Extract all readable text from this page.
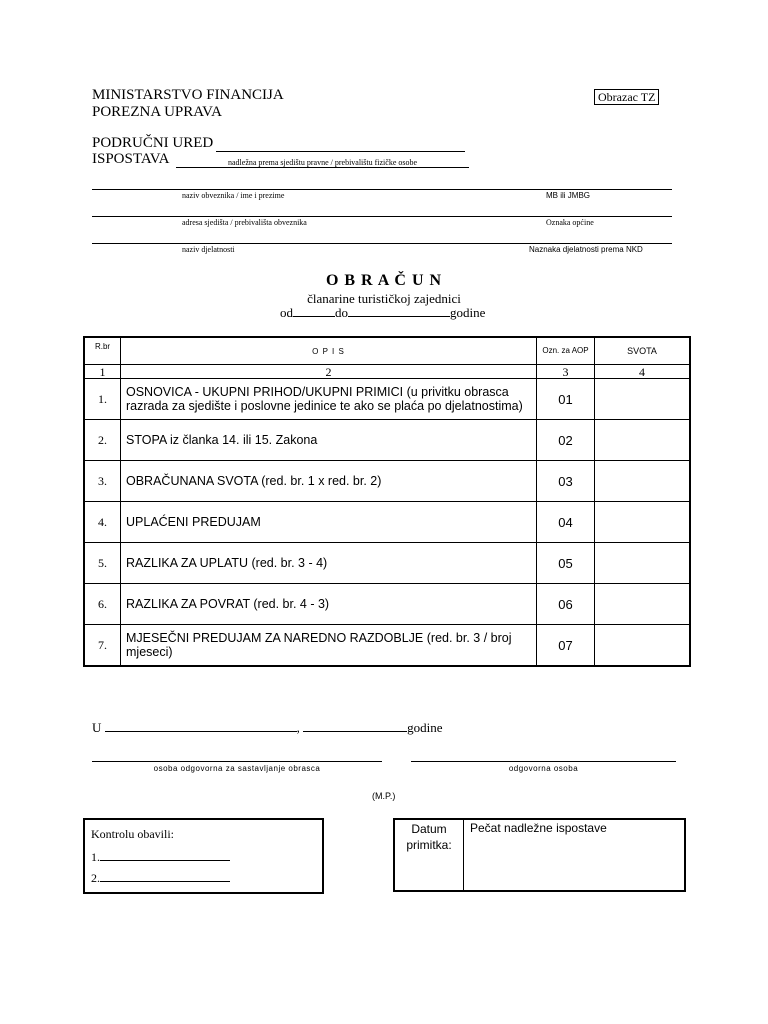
MINISTARSTVO FINANCIJA
POREZNA UPRAVA
Obrazac TZ
PODRUČNI URED
ISPOSTAVA	nadležna prema sjedištu pravne / prebivalištu fizičke osobe
naziv obveznika / ime i prezime	MB ili JMBG
adresa sjedišta / prebivališta obveznika	Oznaka općine
naziv djelatnosti	Naznaka djelatnosti prema NKD
O B R A Č U N
članarine turističkoj zajednici
od	do	godine
R.br	O P I S	Ozn. za AOP	SVOTA
1	2	3	4
1.	OSNOVICA - UKUPNI PRIHOD/UKUPNI PRIMICI (u privitku obrasca razrada za sjedište i poslovne jedinice te ako se plaća po djelatnostima)	01	
2.	STOPA iz članka 14. ili 15. Zakona	02	
3.	OBRAČUNANA SVOTA (red. br. 1 x red. br. 2)	03	
4.	UPLAĆENI PREDUJAM	04	
5.	RAZLIKA ZA UPLATU (red. br. 3 - 4)	05	
6.	RAZLIKA ZA POVRAT (red. br. 4 - 3)	06	
7.	MJESEČNI PREDUJAM ZA NAREDNO RAZDOBLJE (red. br. 3 / broj mjeseci)	07	
U	,	godine
osoba odgovorna za sastavljanje obrasca	odgovorna osoba
(M.P.)
Kontrolu obavili:
1.
2.
Datum primitka:
Pečat nadležne ispostave
